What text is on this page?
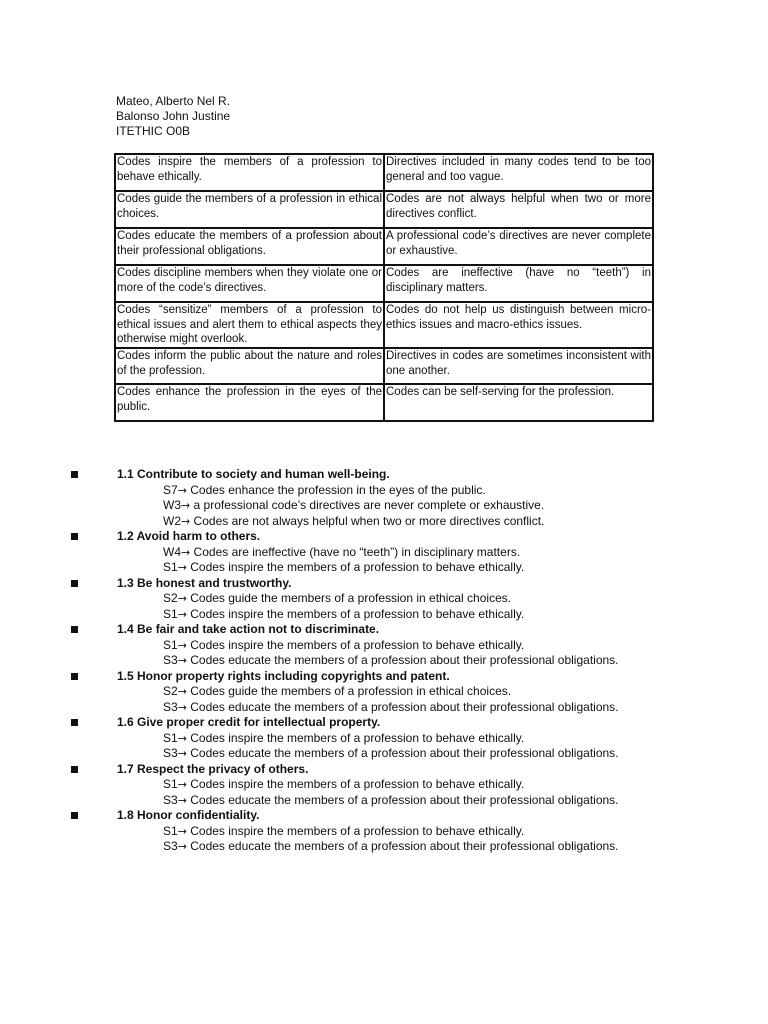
Mateo, Alberto Nel R.
Balonso John Justine
ITETHIC O0B
Codes inspire the members of a profession to behave ethically.	Directives included in many codes tend to be too general and too vague.
Codes guide the members of a profession in ethical choices.	Codes are not always helpful when two or more directives conflict.
Codes educate the members of a profession about their professional obligations.	A professional code’s directives are never complete or exhaustive.
Codes discipline members when they violate one or more of the code’s directives.	Codes are ineffective (have no “teeth”) in disciplinary matters.
Codes “sensitize” members of a profession to ethical issues and alert them to ethical aspects they otherwise might overlook.	Codes do not help us distinguish between micro-ethics issues and macro-ethics issues.
Codes inform the public about the nature and roles of the profession.	Directives in codes are sometimes inconsistent with one another.
Codes enhance the profession in the eyes of the public.	Codes can be self-serving for the profession.
1.1 Contribute to society and human well-being.
S7→ Codes enhance the profession in the eyes of the public.
W3→ a professional code’s directives are never complete or exhaustive.
W2→ Codes are not always helpful when two or more directives conflict.
1.2 Avoid harm to others.
W4→ Codes are ineffective (have no “teeth”) in disciplinary matters.
S1→ Codes inspire the members of a profession to behave ethically.
1.3 Be honest and trustworthy.
S2→ Codes guide the members of a profession in ethical choices.
S1→ Codes inspire the members of a profession to behave ethically.
1.4 Be fair and take action not to discriminate.
S1→ Codes inspire the members of a profession to behave ethically.
S3→ Codes educate the members of a profession about their professional obligations.
1.5 Honor property rights including copyrights and patent.
S2→ Codes guide the members of a profession in ethical choices.
S3→ Codes educate the members of a profession about their professional obligations.
1.6 Give proper credit for intellectual property.
S1→ Codes inspire the members of a profession to behave ethically.
S3→ Codes educate the members of a profession about their professional obligations.
1.7 Respect the privacy of others.
S1→ Codes inspire the members of a profession to behave ethically.
S3→ Codes educate the members of a profession about their professional obligations.
1.8 Honor confidentiality.
S1→ Codes inspire the members of a profession to behave ethically.
S3→ Codes educate the members of a profession about their professional obligations.
